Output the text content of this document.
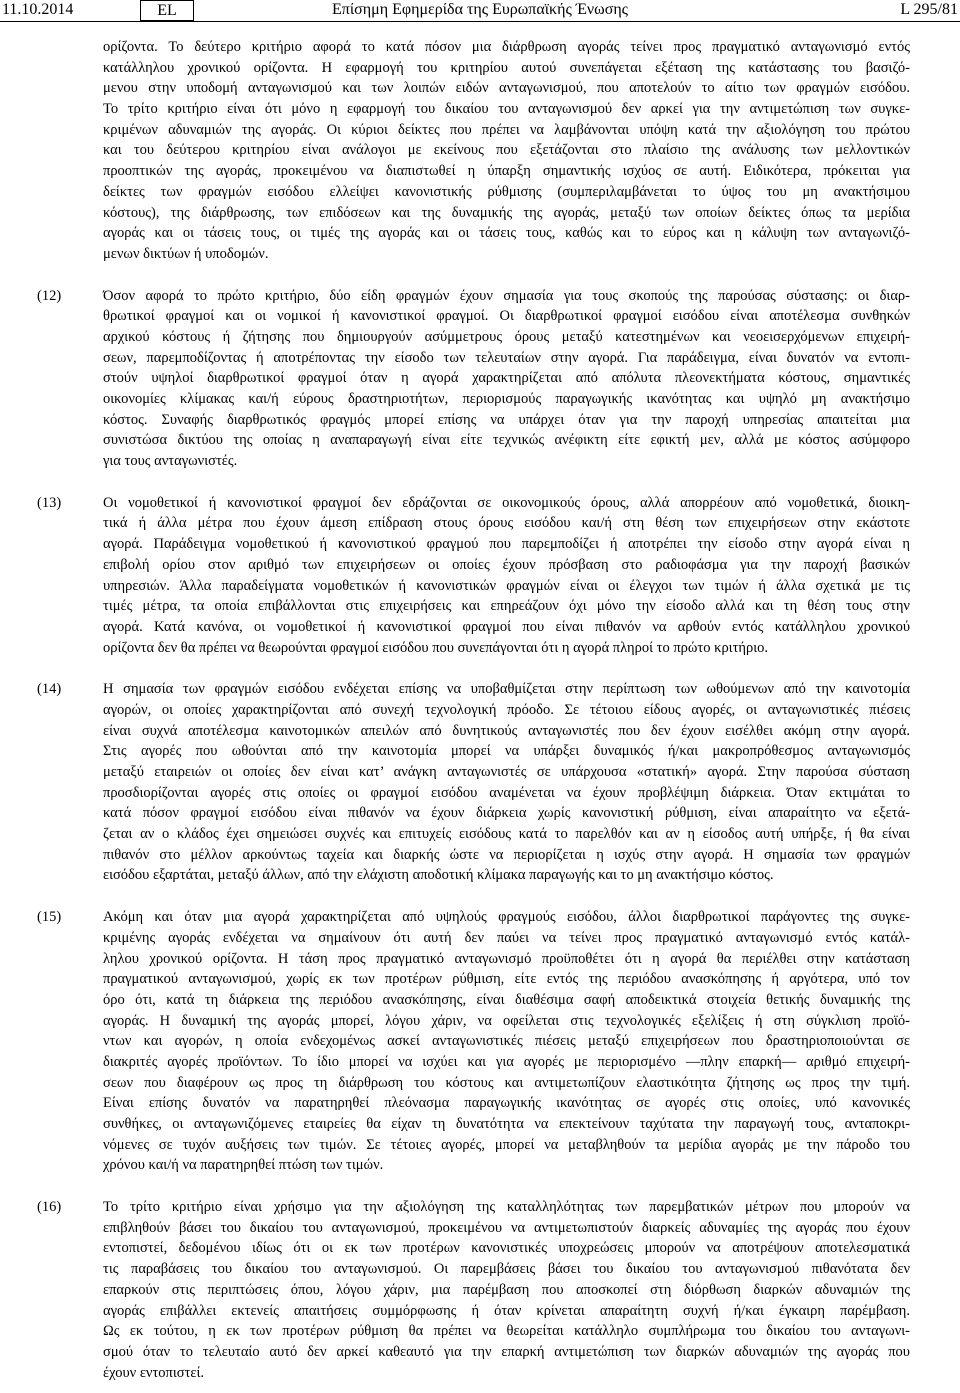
11.10.2014	EL	Επίσημη Εφημερίδα της Ευρωπαϊκής Ένωσης	L 295/81
ορίζοντα. Το δεύτερο κριτήριο αφορά το κατά πόσον μια διάρθρωση αγοράς τείνει προς πραγματικό ανταγωνισμό εντός
κατάλληλου χρονικού ορίζοντα. Η εφαρμογή του κριτηρίου αυτού συνεπάγεται εξέταση της κατάστασης του βασιζό-
μενου στην υποδομή ανταγωνισμού και των λοιπών ειδών ανταγωνισμού, που αποτελούν το αίτιο των φραγμών εισόδου.
Το τρίτο κριτήριο είναι ότι μόνο η εφαρμογή του δικαίου του ανταγωνισμού δεν αρκεί για την αντιμετώπιση των συγκε-
κριμένων αδυναμιών της αγοράς. Οι κύριοι δείκτες που πρέπει να λαμβάνονται υπόψη κατά την αξιολόγηση του πρώτου
και του δεύτερου κριτηρίου είναι ανάλογοι με εκείνους που εξετάζονται στο πλαίσιο της ανάλυσης των μελλοντικών
προοπτικών της αγοράς, προκειμένου να διαπιστωθεί η ύπαρξη σημαντικής ισχύος σε αυτή. Ειδικότερα, πρόκειται για
δείκτες των φραγμών εισόδου ελλείψει κανονιστικής ρύθμισης (συμπεριλαμβάνεται το ύψος του μη ανακτήσιμου
κόστους), της διάρθρωσης, των επιδόσεων και της δυναμικής της αγοράς, μεταξύ των οποίων δείκτες όπως τα μερίδια
αγοράς και οι τάσεις τους, οι τιμές της αγοράς και οι τάσεις τους, καθώς και το εύρος και η κάλυψη των ανταγωνιζό-
μενων δικτύων ή υποδομών.
(12)	Όσον αφορά το πρώτο κριτήριο, δύο είδη φραγμών έχουν σημασία για τους σκοπούς της παρούσας σύστασης: οι διαρ-
θρωτικοί φραγμοί και οι νομικοί ή κανονιστικοί φραγμοί. Οι διαρθρωτικοί φραγμοί εισόδου είναι αποτέλεσμα συνθηκών
αρχικού κόστους ή ζήτησης που δημιουργούν ασύμμετρους όρους μεταξύ κατεστημένων και νεοεισερχόμενων επιχειρή-
σεων, παρεμποδίζοντας ή αποτρέποντας την είσοδο των τελευταίων στην αγορά. Για παράδειγμα, είναι δυνατόν να εντοπι-
στούν υψηλοί διαρθρωτικοί φραγμοί όταν η αγορά χαρακτηρίζεται από απόλυτα πλεονεκτήματα κόστους, σημαντικές
οικονομίες κλίμακας και/ή εύρους δραστηριοτήτων, περιορισμούς παραγωγικής ικανότητας και υψηλό μη ανακτήσιμο
κόστος. Συναφής διαρθρωτικός φραγμός μπορεί επίσης να υπάρχει όταν για την παροχή υπηρεσίας απαιτείται μια
συνιστώσα δικτύου της οποίας η αναπαραγωγή είναι είτε τεχνικώς ανέφικτη είτε εφικτή μεν, αλλά με κόστος ασύμφορο
για τους ανταγωνιστές.
(13)	Οι νομοθετικοί ή κανονιστικοί φραγμοί δεν εδράζονται σε οικονομικούς όρους, αλλά απορρέουν από νομοθετικά, διοικη-
τικά ή άλλα μέτρα που έχουν άμεση επίδραση στους όρους εισόδου και/ή στη θέση των επιχειρήσεων στην εκάστοτε
αγορά. Παράδειγμα νομοθετικού ή κανονιστικού φραγμού που παρεμποδίζει ή αποτρέπει την είσοδο στην αγορά είναι η
επιβολή ορίου στον αριθμό των επιχειρήσεων οι οποίες έχουν πρόσβαση στο ραδιοφάσμα για την παροχή βασικών
υπηρεσιών. Άλλα παραδείγματα νομοθετικών ή κανονιστικών φραγμών είναι οι έλεγχοι των τιμών ή άλλα σχετικά με τις
τιμές μέτρα, τα οποία επιβάλλονται στις επιχειρήσεις και επηρεάζουν όχι μόνο την είσοδο αλλά και τη θέση τους στην
αγορά. Κατά κανόνα, οι νομοθετικοί ή κανονιστικοί φραγμοί που είναι πιθανόν να αρθούν εντός κατάλληλου χρονικού
ορίζοντα δεν θα πρέπει να θεωρούνται φραγμοί εισόδου που συνεπάγονται ότι η αγορά πληροί το πρώτο κριτήριο.
(14)	Η σημασία των φραγμών εισόδου ενδέχεται επίσης να υποβαθμίζεται στην περίπτωση των ωθούμενων από την καινοτομία
αγορών, οι οποίες χαρακτηρίζονται από συνεχή τεχνολογική πρόοδο. Σε τέτοιου είδους αγορές, οι ανταγωνιστικές πιέσεις
είναι συχνά αποτέλεσμα καινοτομικών απειλών από δυνητικούς ανταγωνιστές που δεν έχουν εισέλθει ακόμη στην αγορά.
Στις αγορές που ωθούνται από την καινοτομία μπορεί να υπάρξει δυναμικός ή/και μακροπρόθεσμος ανταγωνισμός
μεταξύ εταιρειών οι οποίες δεν είναι κατ’ ανάγκη ανταγωνιστές σε υπάρχουσα «στατική» αγορά. Στην παρούσα σύσταση
προσδιορίζονται αγορές στις οποίες οι φραγμοί εισόδου αναμένεται να έχουν προβλέψιμη διάρκεια. Όταν εκτιμάται το
κατά πόσον φραγμοί εισόδου είναι πιθανόν να έχουν διάρκεια χωρίς κανονιστική ρύθμιση, είναι απαραίτητο να εξετά-
ζεται αν ο κλάδος έχει σημειώσει συχνές και επιτυχείς εισόδους κατά το παρελθόν και αν η είσοδος αυτή υπήρξε, ή θα είναι
πιθανόν στο μέλλον αρκούντως ταχεία και διαρκής ώστε να περιορίζεται η ισχύς στην αγορά. Η σημασία των φραγμών
εισόδου εξαρτάται, μεταξύ άλλων, από την ελάχιστη αποδοτική κλίμακα παραγωγής και το μη ανακτήσιμο κόστος.
(15)	Ακόμη και όταν μια αγορά χαρακτηρίζεται από υψηλούς φραγμούς εισόδου, άλλοι διαρθρωτικοί παράγοντες της συγκε-
κριμένης αγοράς ενδέχεται να σημαίνουν ότι αυτή δεν παύει να τείνει προς πραγματικό ανταγωνισμό εντός κατάλ-
ληλου χρονικού ορίζοντα. Η τάση προς πραγματικό ανταγωνισμό προϋποθέτει ότι η αγορά θα περιέλθει στην κατάσταση
πραγματικού ανταγωνισμού, χωρίς εκ των προτέρων ρύθμιση, είτε εντός της περιόδου ανασκόπησης ή αργότερα, υπό τον
όρο ότι, κατά τη διάρκεια της περιόδου ανασκόπησης, είναι διαθέσιμα σαφή αποδεικτικά στοιχεία θετικής δυναμικής της
αγοράς. Η δυναμική της αγοράς μπορεί, λόγου χάριν, να οφείλεται στις τεχνολογικές εξελίξεις ή στη σύγκλιση προϊό-
ντων και αγορών, η οποία ενδεχομένως ασκεί ανταγωνιστικές πιέσεις μεταξύ επιχειρήσεων που δραστηριοποιούνται σε
διακριτές αγορές προϊόντων. Το ίδιο μπορεί να ισχύει και για αγορές με περιορισμένο —πλην επαρκή— αριθμό επιχειρή-
σεων που διαφέρουν ως προς τη διάρθρωση του κόστους και αντιμετωπίζουν ελαστικότητα ζήτησης ως προς την τιμή.
Είναι επίσης δυνατόν να παρατηρηθεί πλεόνασμα παραγωγικής ικανότητας σε αγορές στις οποίες, υπό κανονικές
συνθήκες, οι ανταγωνιζόμενες εταιρείες θα είχαν τη δυνατότητα να επεκτείνουν ταχύτατα την παραγωγή τους, ανταποκρι-
νόμενες σε τυχόν αυξήσεις των τιμών. Σε τέτοιες αγορές, μπορεί να μεταβληθούν τα μερίδια αγοράς με την πάροδο του
χρόνου και/ή να παρατηρηθεί πτώση των τιμών.
(16)	Το τρίτο κριτήριο είναι χρήσιμο για την αξιολόγηση της καταλληλότητας των παρεμβατικών μέτρων που μπορούν να
επιβληθούν βάσει του δικαίου του ανταγωνισμού, προκειμένου να αντιμετωπιστούν διαρκείς αδυναμίες της αγοράς που έχουν
εντοπιστεί, δεδομένου ιδίως ότι οι εκ των προτέρων κανονιστικές υποχρεώσεις μπορούν να αποτρέψουν αποτελεσματικά
τις παραβάσεις του δικαίου του ανταγωνισμού. Οι παρεμβάσεις βάσει του δικαίου του ανταγωνισμού πιθανότατα δεν
επαρκούν στις περιπτώσεις όπου, λόγου χάριν, μια παρέμβαση που αποσκοπεί στη διόρθωση διαρκών αδυναμιών της
αγοράς επιβάλλει εκτενείς απαιτήσεις συμμόρφωσης ή όταν κρίνεται απαραίτητη συχνή ή/και έγκαιρη παρέμβαση.
Ως εκ τούτου, η εκ των προτέρων ρύθμιση θα πρέπει να θεωρείται κατάλληλο συμπλήρωμα του δικαίου του ανταγωνι-
σμού όταν το τελευταίο αυτό δεν αρκεί καθεαυτό για την επαρκή αντιμετώπιση των διαρκών αδυναμιών της αγοράς που
έχουν εντοπιστεί.
